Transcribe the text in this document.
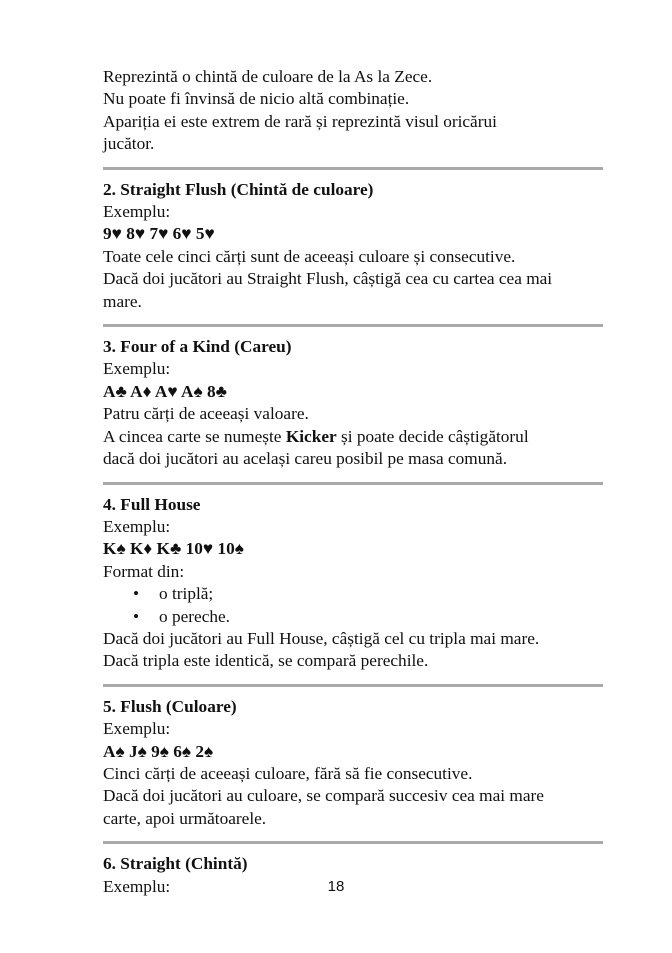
Reprezintă o chintă de culoare de la As la Zece.
Nu poate fi învinsă de nicio altă combinație.
Apariția ei este extrem de rară și reprezintă visul oricărui
jucător.
2. Straight Flush (Chintă de culoare)
Exemplu:
9♥ 8♥ 7♥ 6♥ 5♥
Toate cele cinci cărți sunt de aceeași culoare și consecutive.
Dacă doi jucători au Straight Flush, câștigă cea cu cartea cea mai
mare.
3. Four of a Kind (Careu)
Exemplu:
A♣ A♦ A♥ A♠ 8♣
Patru cărți de aceeași valoare.
A cincea carte se numește Kicker și poate decide câștigătorul
dacă doi jucători au același careu posibil pe masa comună.
4. Full House
Exemplu:
K♠ K♦ K♣ 10♥ 10♠
Format din:
• o triplă;
• o pereche.
Dacă doi jucători au Full House, câștigă cel cu tripla mai mare.
Dacă tripla este identică, se compară perechile.
5. Flush (Culoare)
Exemplu:
A♠ J♠ 9♠ 6♠ 2♠
Cinci cărți de aceeași culoare, fără să fie consecutive.
Dacă doi jucători au culoare, se compară succesiv cea mai mare
carte, apoi următoarele.
6. Straight (Chintă)
Exemplu:	18
